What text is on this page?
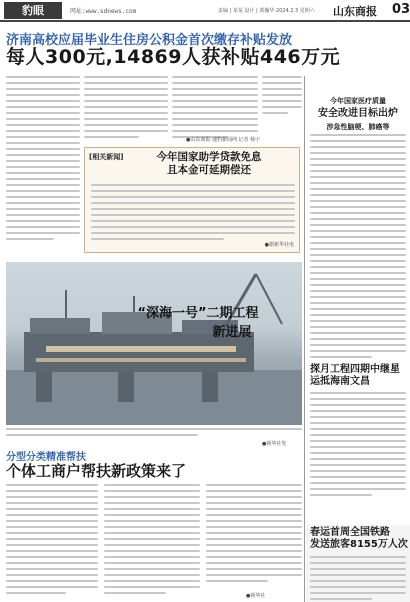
豹眼	网址:www.sdnews.com	责编 | 某某 设计 | 郭瀚华 2024.2.3 星期六 山东商报 03
济南高校应届毕业生住房公积金首次缴存补贴发放
每人300元,14869人获补贴446万元
●山东商报·速豹新闻网 记者 杨宇
[相关新闻]	今年国家助学贷款免息
且本金可延期偿还
●据新华社电
“深海一号”二期工程
新进展
●新华社发
分型分类精准帮扶
个体工商户帮扶新政策来了
●新华社
今年国家医疗质量
安全改进目标出炉
涉急性脑梗、肺癌等
探月工程四期中继星
运抵海南文昌
春运首周全国铁路
发送旅客8155万人次
